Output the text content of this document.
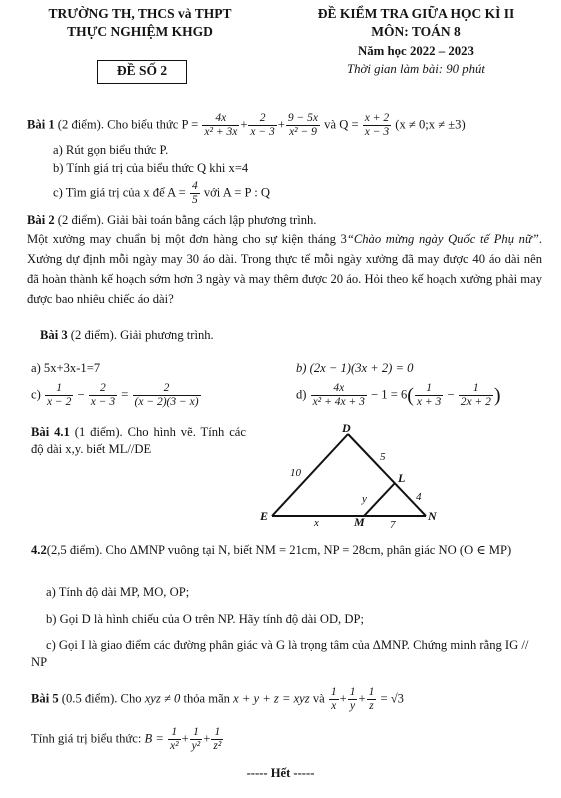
TRƯỜNG TH, THCS và THPT
THỰC NGHIỆM KHGD
ĐỀ SỐ 2
ĐỀ KIỂM TRA GIỮA HỌC KÌ II
MÔN: TOÁN 8
Năm học 2022 – 2023
Thời gian làm bài: 90 phút
Bài 1 (2 điểm). Cho biểu thức $P = \frac{4x}{\text{x² + 3x}} + \frac{2}{x - 3} + \frac{9 - 5x}{\text{x² − 9}}$ và $Q = \frac{x + 2}{x - 3} (x$ ≠ 0;x ≠ ±3)
a) Rút gọn biểu thức P.
b) Tính giá trị của biểu thức Q khi x=4
c) Tìm giá trị của x để $A = \frac{4}{5}$ với A = P : Q
Bài 2 (2 điểm). Giải bài toán bằng cách lập phương trình.
Một xưởng may chuẩn bị một đơn hàng cho sự kiện tháng 3“Chào mừng ngày Quốc tế Phụ nữ”. Xưởng dự định mỗi ngày may 30 áo dài. Trong thực tế mỗi ngày xưởng đã may được 40 áo dài nên đã hoàn thành kế hoạch sớm hơn 3 ngày và may thêm được 20 áo. Hỏi theo kế hoạch xưởng phải may được bao nhiêu chiếc áo dài?
Bài 3 (2 điểm). Giải phương trình.
a) 5x+3x-1=7	b) (2x − 1)(3x + 2) = 0
$c) \frac{1}{x - 2} - \frac{2}{x - 3} = \frac{2}{(x - 2)(3 - x)}$	$d) \frac{4x}{\text{x² + 4x + 3}} - 1 = 6( \frac{1}{x + 3} - \frac{1}{2x + 2}$ )
Bài 4.1 (1 điểm). Cho hình vẽ. Tính các độ dài x,y. biết ML//DE
D
E	M	N
L
10
5
4
7
x
y
4.2(2,5 điểm). Cho ΔMNP vuông tại N, biết NM = 21cm, NP = 28cm, phân giác NO (O ∈ MP)
a) Tính độ dài MP, MO, OP;
b) Gọi D là hình chiếu của O trên NP. Hãy tính độ dài OD, DP;
c) Gọi I là giao điểm các đường phân giác và G là trọng tâm của ΔMNP. Chứng minh rằng IG // NP
Bài 5 (0.5 điểm). Cho xyz ≠ 0 thỏa mãn x + y + z = xyz và $\frac{1}{x} + \frac{1}{y} + \frac{1}{z} = √3$
Tính giá trị biểu thức: $B = \frac{1}{\text{x²}} + \frac{1}{\text{y²}} + \frac{1}{\text{z²}}$
----- Hết -----
